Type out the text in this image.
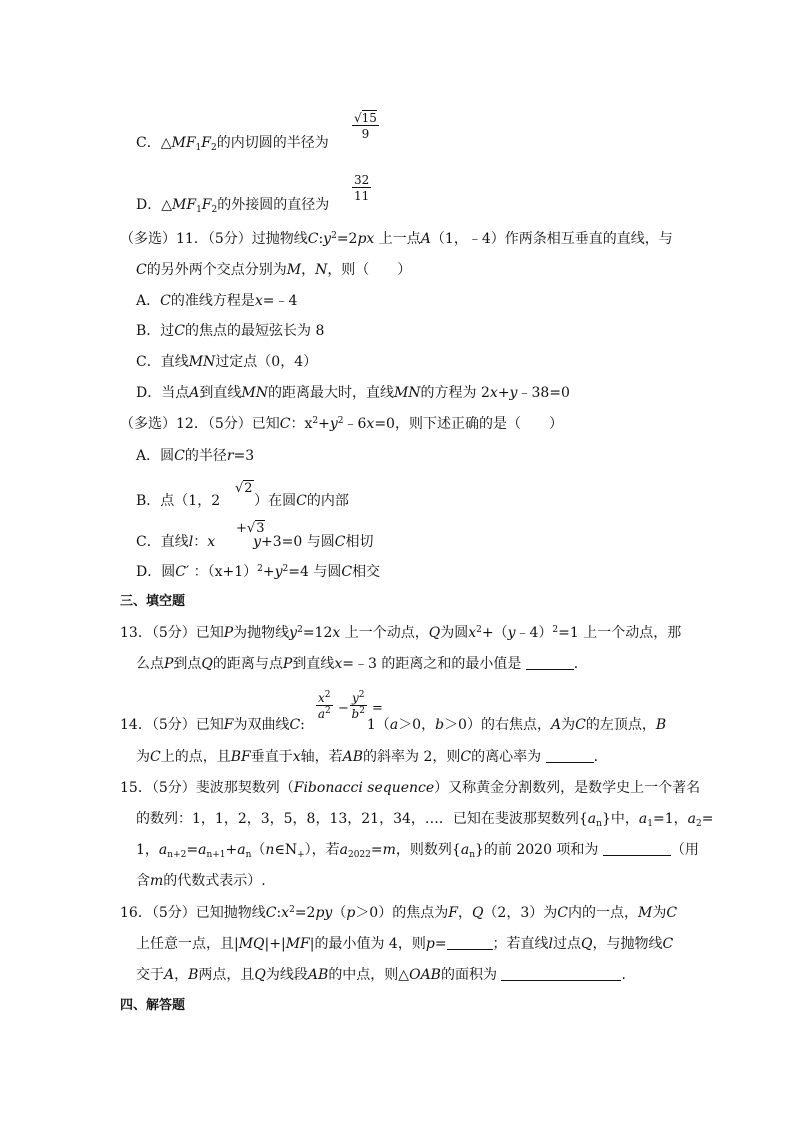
C．$\triangle MF_1F_2$的内切圆的半径为
$\frac{√15}{9}$
D．$\triangle MF_1F_2$的外接圆的直径为
$\frac{32}{11}$
（多选）11．（5分）过抛物线$C:y^2=2px$ 上一点A（1，﹣4）作两条相互垂直的直线，与
C的另外两个交点分别为M，N，则（　　）
A．C的准线方程是x=﹣4
B．过C的焦点的最短弦长为 8
C．直线MN过定点（0，4）
D．当点A到直线MN的距离最大时，直线MN的方程为 2x+y﹣38=0
（多选）12．（5分）已知C：$x^2+y^2﹣6x=0$，则下述正确的是（　　）
A．圆C的半径r=3
B．点（1，2 ）在圆C的内部
√2
C．直线l：x	y+3=0 与圆C相切
+√3
D．圆C′ ：$(x+1)^2+y^2=4$ 与圆C相交
三、填空题
13．（5分）已知P为抛物线$y^2=12x$ 上一个动点，Q为圆$x^2+(y﹣4)^2=1$ 上一个动点，那
么点P到点Q的距离与点P到直线x=﹣3 的距离之和的最小值是	．
14．（5分）已知F为双曲线C:	1（a＞0，b＞0）的右焦点，A为C的左顶点，B
$\frac{x^2}{a^2} - \frac{y^2}{b^2}$ =
为C上的点，且BF垂直于x轴，若AB的斜率为 2，则C的离心率为	．
15．（5分）斐波那契数列（Fibonacci sequence）又称黄金分割数列，是数学史上一个著名
的数列：1，1，2，3，5，8，13，21，34，…．已知在斐波那契数列$\{a_n\}$中，$a_1=1$，$a_2=$
1，$a_{n+2}=a_{n+1}+a_n(n\in N_+)$，若$a_{2022}=m$，则数列$\{a_n\}$的前 2020 项和为	（用
含m的代数式表示）.
16．（5分）已知抛物线$C:x^2=2py(p>0)$的焦点为F，Q（2，3）为C内的一点，M为C
上任意一点，且|MQ|+|MF|的最小值为 4，则p=	；若直线l过点Q，与抛物线C
交于A，B两点，且Q为线段AB的中点，则△OAB的面积为	．
四、解答题
